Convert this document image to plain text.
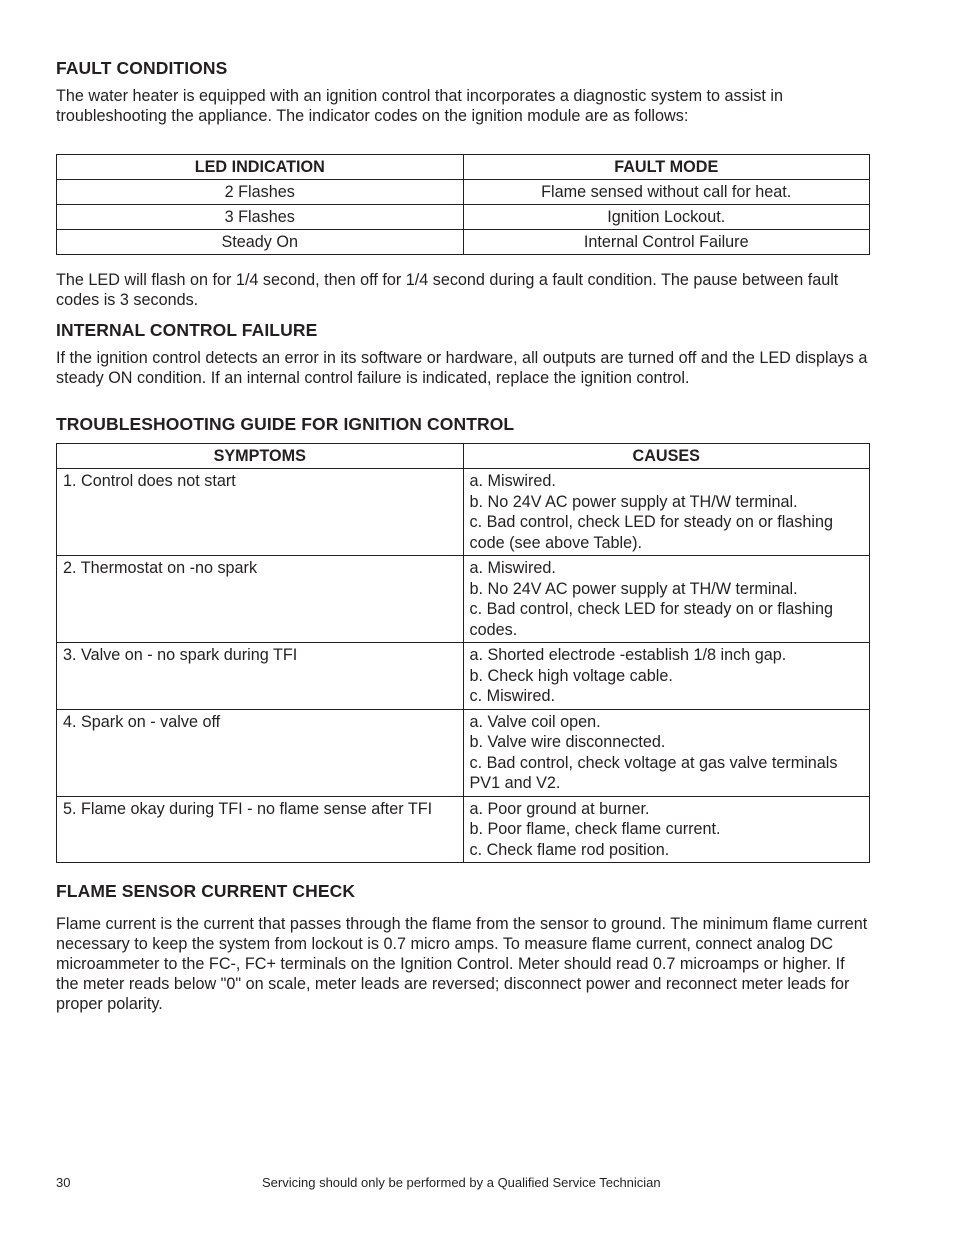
FAULT CONDITIONS

The water heater is equipped with an ignition control that incorporates a diagnostic system to assist in troubleshooting the appliance. The indicator codes on the ignition module are as follows:

LED INDICATION	FAULT MODE
2 Flashes	Flame sensed without call for heat.
3 Flashes	Ignition Lockout.
Steady On	Internal Control Failure

The LED will flash on for 1/4 second, then off for 1/4 second during a fault condition. The pause between fault codes is 3 seconds.

INTERNAL CONTROL FAILURE

If the ignition control detects an error in its software or hardware, all outputs are turned off and the LED displays a steady ON condition. If an internal control failure is indicated, replace the ignition control.

TROUBLESHOOTING GUIDE FOR IGNITION CONTROL
SYMPTOMS	CAUSES
1. Control does not start	a. Miswired.
b. No 24V AC power supply at TH/W terminal.
c. Bad control, check LED for steady on or flashing code (see above Table).

2. Thermostat on -no spark	a. Miswired.
b. No 24V AC power supply at TH/W terminal.
c. Bad control, check LED for steady on or flashing codes.

3. Valve on - no spark during TFI	a. Shorted electrode -establish 1/8 inch gap.
b. Check high voltage cable.
c. Miswired.

4. Spark on - valve off	a. Valve coil open.
b. Valve wire disconnected.
c. Bad control, check voltage at gas valve terminals PV1 and V2.

5. Flame okay during TFI - no flame sense after TFI	a. Poor ground at burner.
b. Poor flame, check flame current.
c. Check flame rod position.
FLAME SENSOR CURRENT CHECK

Flame current is the current that passes through the flame from the sensor to ground. The minimum flame current necessary to keep the system from lockout is 0.7 micro amps. To measure flame current, connect analog DC microammeter to the FC-, FC+ terminals on the Ignition Control. Meter should read 0.7 microamps or higher. If the meter reads below "0" on scale, meter leads are reversed; disconnect power and reconnect meter leads for proper polarity.

30	Servicing should only be performed by a Qualified Service Technician
